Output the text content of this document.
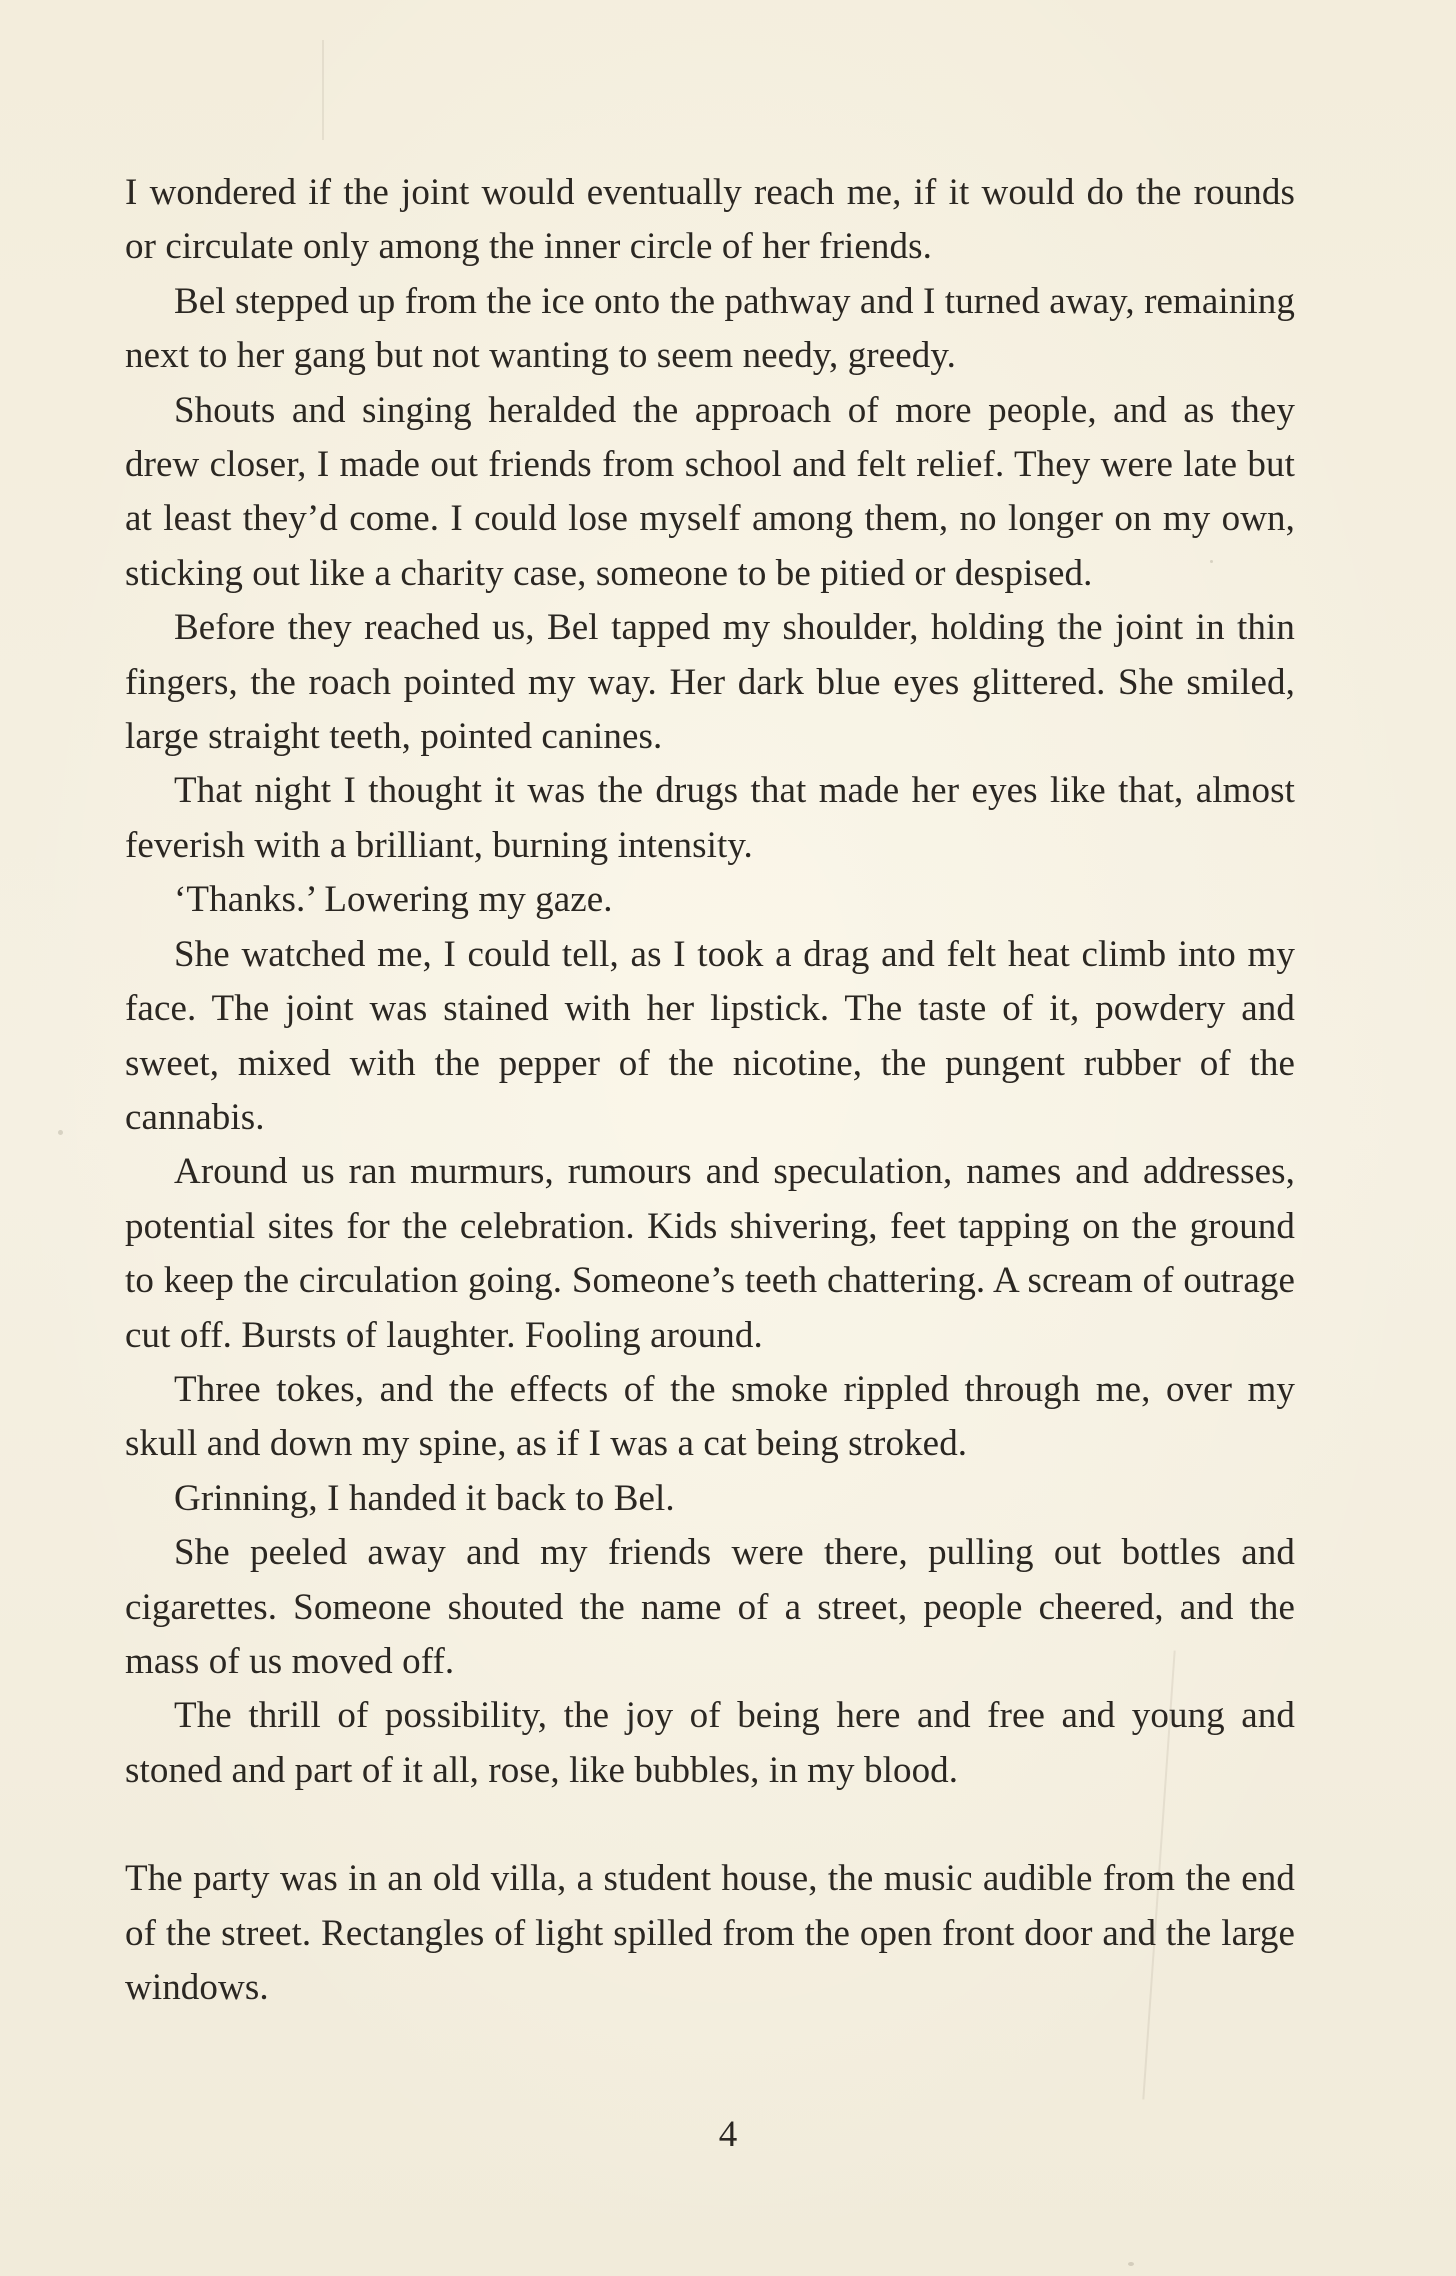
I wondered if the joint would eventually reach me, if it would do the rounds or circulate only among the inner circle of her friends.

Bel stepped up from the ice onto the pathway and I turned away, remaining next to her gang but not wanting to seem needy, greedy.

Shouts and singing heralded the approach of more people, and as they drew closer, I made out friends from school and felt relief. They were late but at least they’d come. I could lose myself among them, no longer on my own, sticking out like a charity case, someone to be pitied or despised.

Before they reached us, Bel tapped my shoulder, holding the joint in thin fingers, the roach pointed my way. Her dark blue eyes glittered. She smiled, large straight teeth, pointed canines.

That night I thought it was the drugs that made her eyes like that, almost feverish with a brilliant, burning intensity.

‘Thanks.’ Lowering my gaze.

She watched me, I could tell, as I took a drag and felt heat climb into my face. The joint was stained with her lipstick. The taste of it, powdery and sweet, mixed with the pepper of the nicotine, the pungent rubber of the cannabis.

Around us ran murmurs, rumours and speculation, names and addresses, potential sites for the celebration. Kids shivering, feet tapping on the ground to keep the circulation going. Someone’s teeth chattering. A scream of outrage cut off. Bursts of laughter. Fooling around.

Three tokes, and the effects of the smoke rippled through me, over my skull and down my spine, as if I was a cat being stroked.

Grinning, I handed it back to Bel.

She peeled away and my friends were there, pulling out bottles and cigarettes. Someone shouted the name of a street, people cheered, and the mass of us moved off.

The thrill of possibility, the joy of being here and free and young and stoned and part of it all, rose, like bubbles, in my blood.

The party was in an old villa, a student house, the music audible from the end of the street. Rectangles of light spilled from the open front door and the large windows.

4
